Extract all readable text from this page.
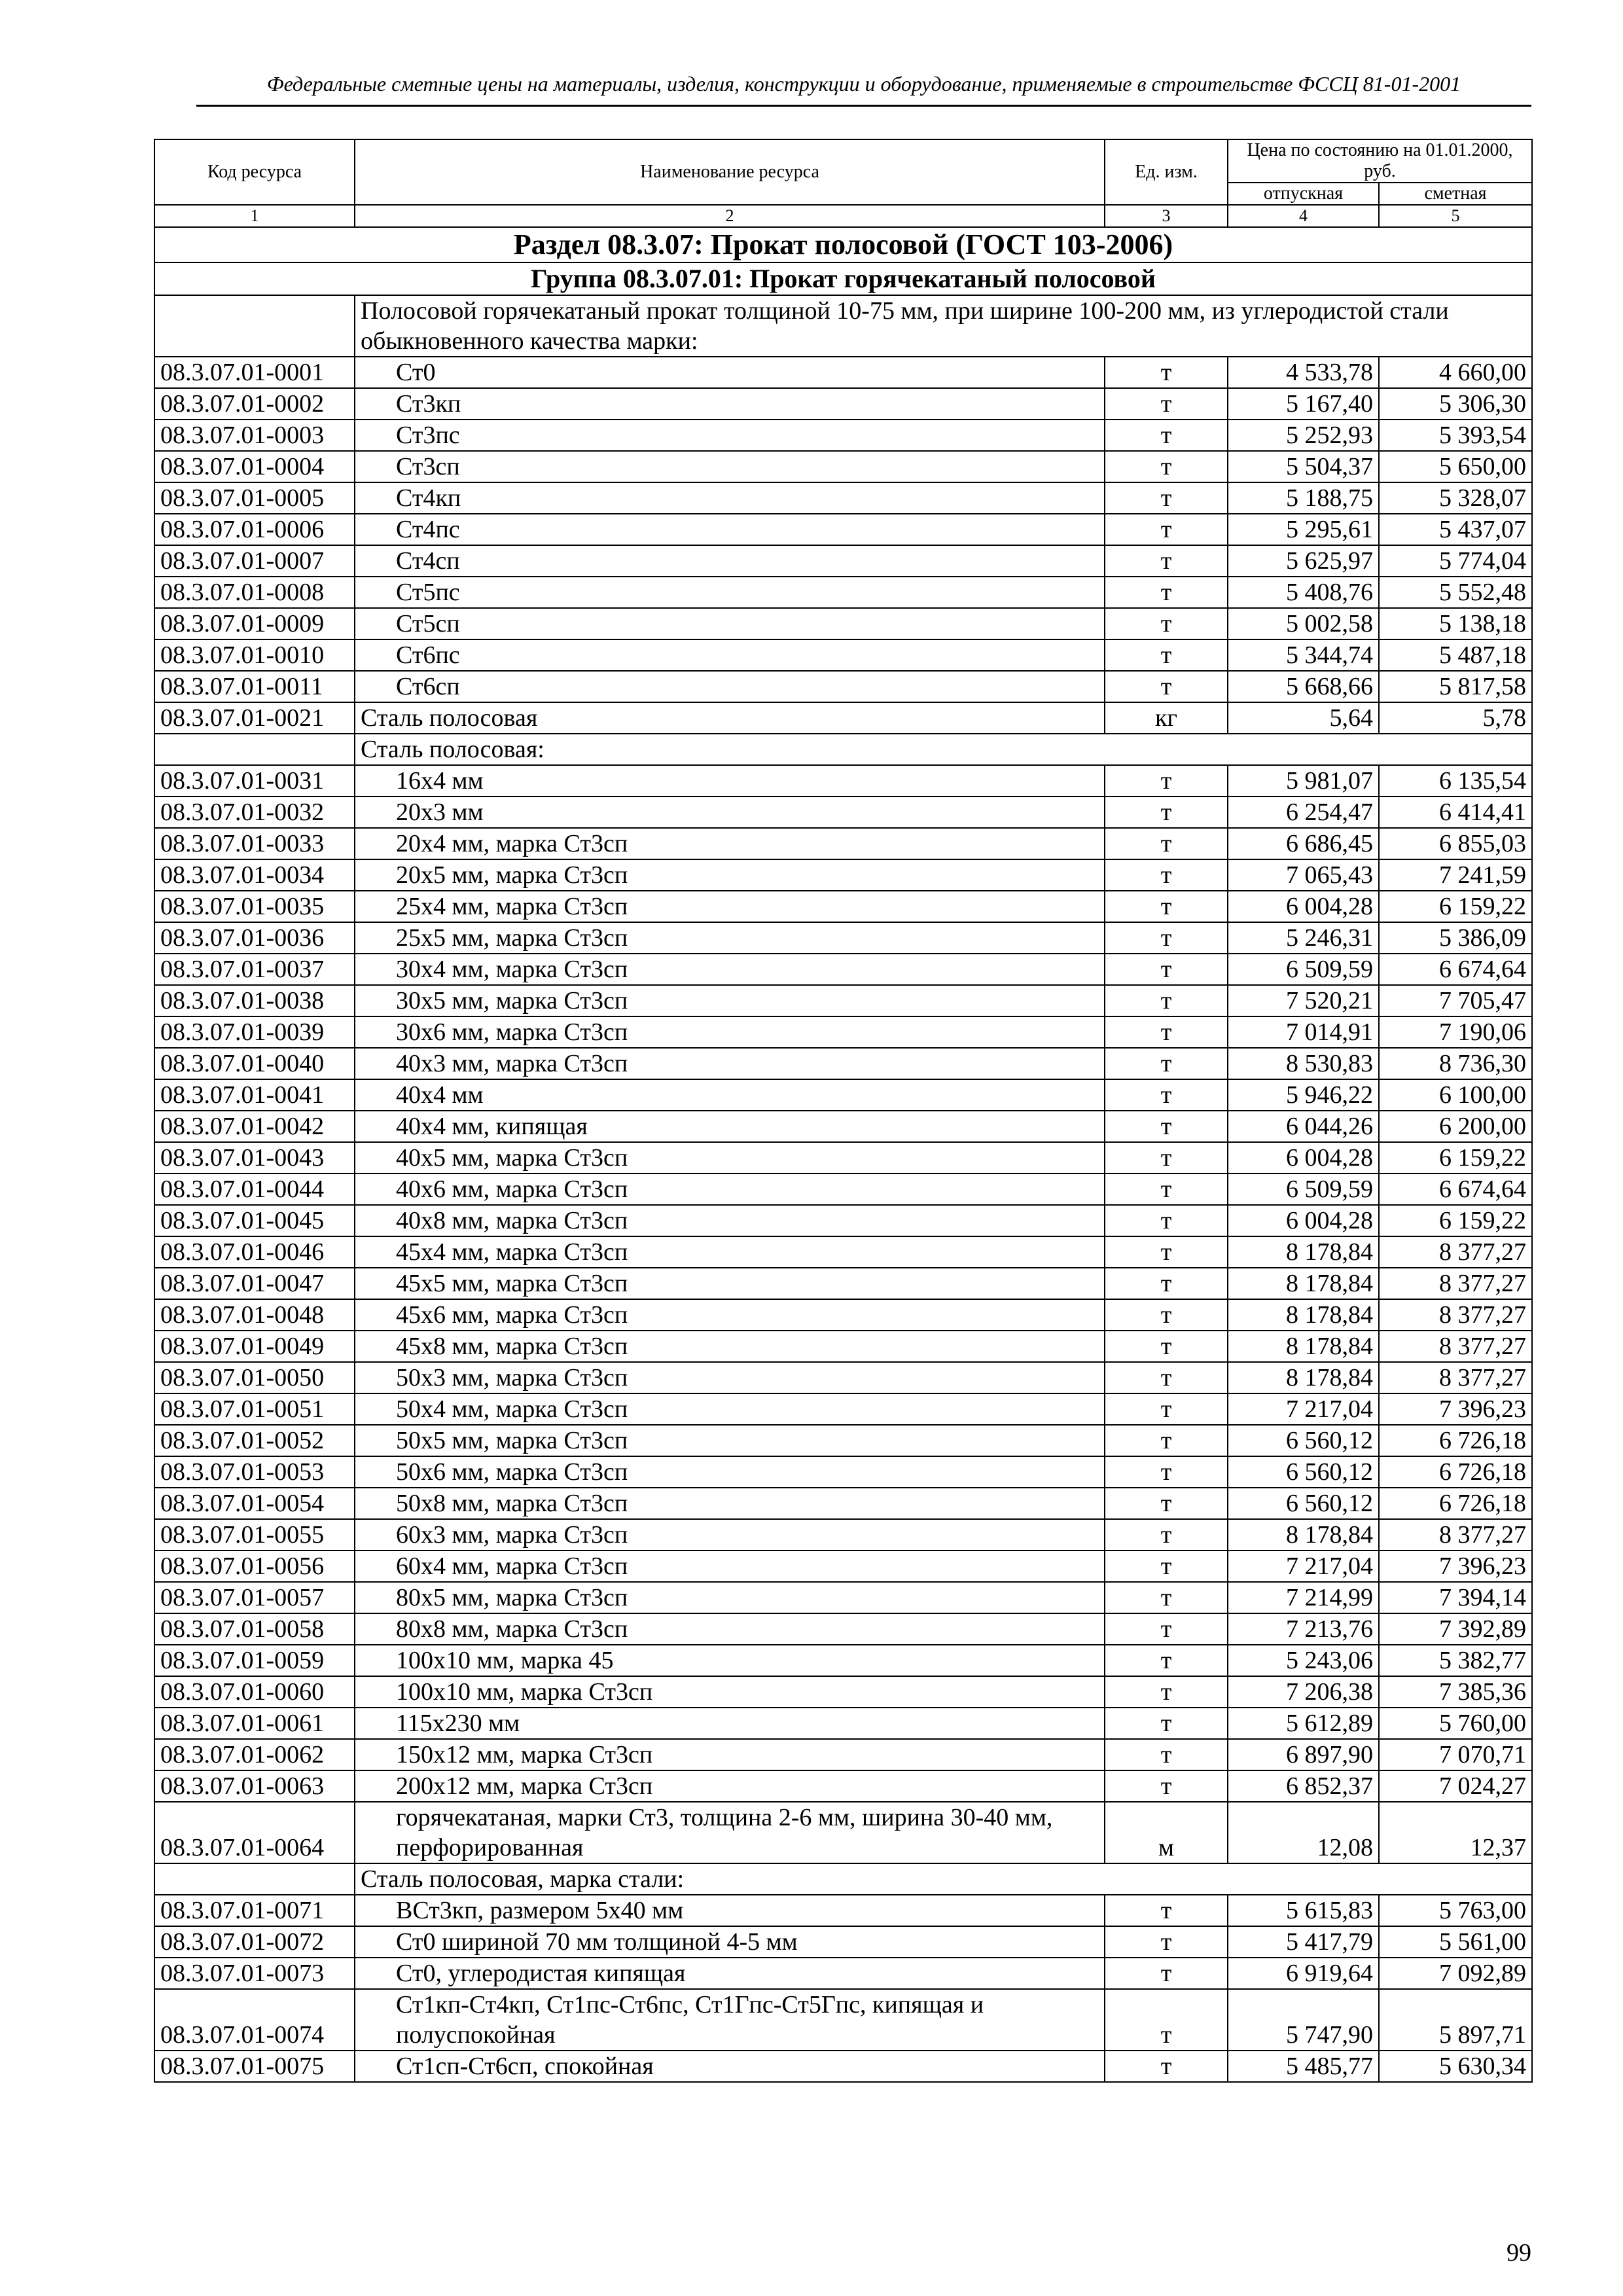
Федеральные сметные цены на материалы, изделия, конструкции и оборудование, применяемые в строительстве ФССЦ 81-01-2001
Код ресурса	Наименование ресурса	Ед. изм.	Цена по состоянию на 01.01.2000, руб.	
			отпускная	сметная
1	2	3	4	5
Раздел 08.3.07: Прокат полосовой (ГОСТ 103-2006)				
Группа 08.3.07.01: Прокат горячекатаный полосовой				
	Полосовой горячекатаный прокат толщиной 10-75 мм, при ширине 100-200 мм, из углеродистой стали обыкновенного качества марки:			
08.3.07.01-0001	Ст0	т	4 533,78	4 660,00
08.3.07.01-0002	Ст3кп	т	5 167,40	5 306,30
08.3.07.01-0003	Ст3пс	т	5 252,93	5 393,54
08.3.07.01-0004	Ст3сп	т	5 504,37	5 650,00
08.3.07.01-0005	Ст4кп	т	5 188,75	5 328,07
08.3.07.01-0006	Ст4пс	т	5 295,61	5 437,07
08.3.07.01-0007	Ст4сп	т	5 625,97	5 774,04
08.3.07.01-0008	Ст5пс	т	5 408,76	5 552,48
08.3.07.01-0009	Ст5сп	т	5 002,58	5 138,18
08.3.07.01-0010	Ст6пс	т	5 344,74	5 487,18
08.3.07.01-0011	Ст6сп	т	5 668,66	5 817,58
08.3.07.01-0021	Сталь полосовая	кг	5,64	5,78
	Сталь полосовая:			
08.3.07.01-0031	16x4 мм	т	5 981,07	6 135,54
08.3.07.01-0032	20x3 мм	т	6 254,47	6 414,41
08.3.07.01-0033	20x4 мм, марка Ст3сп	т	6 686,45	6 855,03
08.3.07.01-0034	20x5 мм, марка Ст3сп	т	7 065,43	7 241,59
08.3.07.01-0035	25x4 мм, марка Ст3сп	т	6 004,28	6 159,22
08.3.07.01-0036	25x5 мм, марка Ст3сп	т	5 246,31	5 386,09
08.3.07.01-0037	30x4 мм, марка Ст3сп	т	6 509,59	6 674,64
08.3.07.01-0038	30x5 мм, марка Ст3сп	т	7 520,21	7 705,47
08.3.07.01-0039	30x6 мм, марка Ст3сп	т	7 014,91	7 190,06
08.3.07.01-0040	40x3 мм, марка Ст3сп	т	8 530,83	8 736,30
08.3.07.01-0041	40x4 мм	т	5 946,22	6 100,00
08.3.07.01-0042	40x4 мм, кипящая	т	6 044,26	6 200,00
08.3.07.01-0043	40x5 мм, марка Ст3сп	т	6 004,28	6 159,22
08.3.07.01-0044	40x6 мм, марка Ст3сп	т	6 509,59	6 674,64
08.3.07.01-0045	40x8 мм, марка Ст3сп	т	6 004,28	6 159,22
08.3.07.01-0046	45x4 мм, марка Ст3сп	т	8 178,84	8 377,27
08.3.07.01-0047	45x5 мм, марка Ст3сп	т	8 178,84	8 377,27
08.3.07.01-0048	45x6 мм, марка Ст3сп	т	8 178,84	8 377,27
08.3.07.01-0049	45x8 мм, марка Ст3сп	т	8 178,84	8 377,27
08.3.07.01-0050	50x3 мм, марка Ст3сп	т	8 178,84	8 377,27
08.3.07.01-0051	50x4 мм, марка Ст3сп	т	7 217,04	7 396,23
08.3.07.01-0052	50x5 мм, марка Ст3сп	т	6 560,12	6 726,18
08.3.07.01-0053	50x6 мм, марка Ст3сп	т	6 560,12	6 726,18
08.3.07.01-0054	50x8 мм, марка Ст3сп	т	6 560,12	6 726,18
08.3.07.01-0055	60x3 мм, марка Ст3сп	т	8 178,84	8 377,27
08.3.07.01-0056	60x4 мм, марка Ст3сп	т	7 217,04	7 396,23
08.3.07.01-0057	80x5 мм, марка Ст3сп	т	7 214,99	7 394,14
08.3.07.01-0058	80x8 мм, марка Ст3сп	т	7 213,76	7 392,89
08.3.07.01-0059	100x10 мм, марка 45	т	5 243,06	5 382,77
08.3.07.01-0060	100x10 мм, марка Ст3сп	т	7 206,38	7 385,36
08.3.07.01-0061	115x230 мм	т	5 612,89	5 760,00
08.3.07.01-0062	150x12 мм, марка Ст3сп	т	6 897,90	7 070,71
08.3.07.01-0063	200x12 мм, марка Ст3сп	т	6 852,37	7 024,27
08.3.07.01-0064	горячекатаная, марки Ст3, толщина 2-6 мм, ширина 30-40 мм, перфорированная	м	12,08	12,37
	Сталь полосовая, марка стали:			
08.3.07.01-0071	ВСт3кп, размером 5x40 мм	т	5 615,83	5 763,00
08.3.07.01-0072	Ст0 шириной 70 мм толщиной 4-5 мм	т	5 417,79	5 561,00
08.3.07.01-0073	Ст0, углеродистая кипящая	т	6 919,64	7 092,89
08.3.07.01-0074	Ст1кп-Ст4кп, Ст1пс-Ст6пс, Ст1Гпс-Ст5Гпс, кипящая и полуспокойная	т	5 747,90	5 897,71
08.3.07.01-0075	Ст1сп-Ст6сп, спокойная	т	5 485,77	5 630,34
99
